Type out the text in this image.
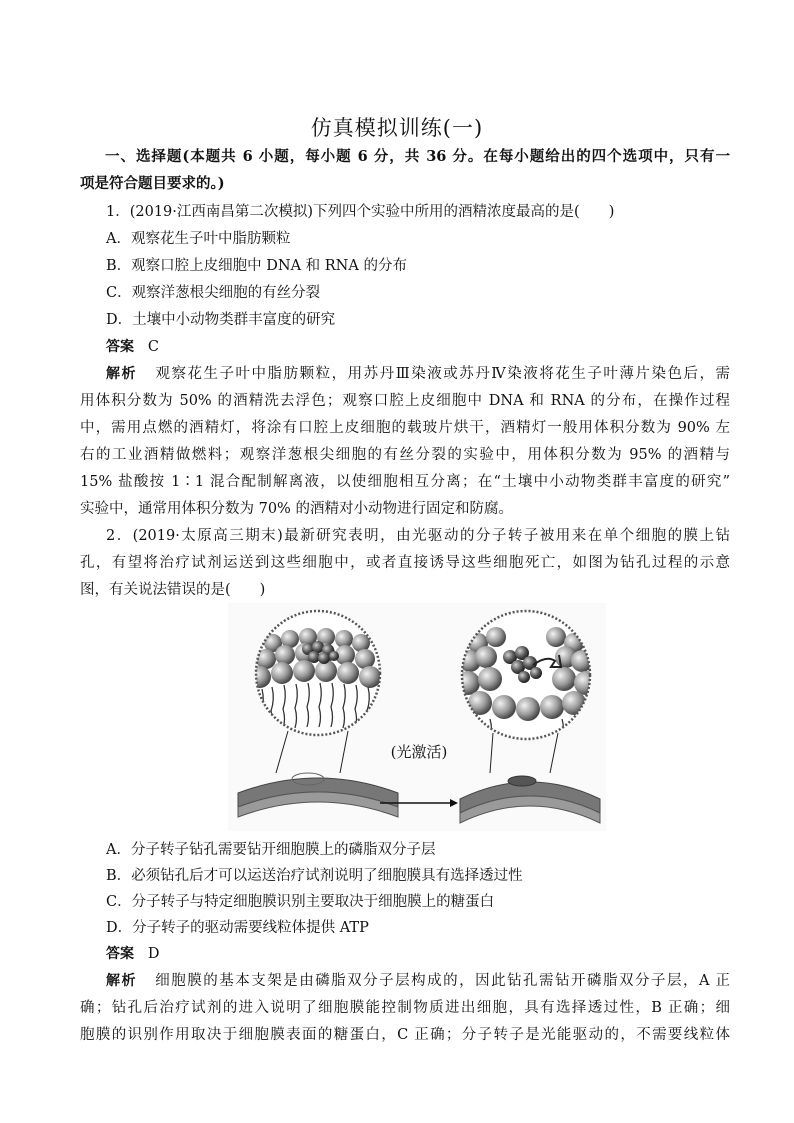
仿真模拟训练(一)
一、选择题(本题共 6 小题，每小题 6 分，共 36 分。在每小题给出的四个选项中，只有一
项是符合题目要求的。)
1．(2019·江西南昌第二次模拟)下列四个实验中所用的酒精浓度最高的是(　　)
A．观察花生子叶中脂肪颗粒
B．观察口腔上皮细胞中 DNA 和 RNA 的分布
C．观察洋葱根尖细胞的有丝分裂
D．土壤中小动物类群丰富度的研究
答案 C
解析 观察花生子叶中脂肪颗粒，用苏丹Ⅲ染液或苏丹Ⅳ染液将花生子叶薄片染色后，需
用体积分数为 50% 的酒精洗去浮色；观察口腔上皮细胞中 DNA 和 RNA 的分布，在操作过程
中，需用点燃的酒精灯，将涂有口腔上皮细胞的载玻片烘干，酒精灯一般用体积分数为 90% 左
右的工业酒精做燃料；观察洋葱根尖细胞的有丝分裂的实验中，用体积分数为 95% 的酒精与
15% 盐酸按 1∶1 混合配制解离液，以使细胞相互分离；在“土壤中小动物类群丰富度的研究”
实验中，通常用体积分数为 70% 的酒精对小动物进行固定和防腐。
2．(2019·太原高三期末)最新研究表明，由光驱动的分子转子被用来在单个细胞的膜上钻
孔，有望将治疗试剂运送到这些细胞中，或者直接诱导这些细胞死亡，如图为钻孔过程的示意
图，有关说法错误的是(　　)
(光激活)
A．分子转子钻孔需要钻开细胞膜上的磷脂双分子层
B．必须钻孔后才可以运送治疗试剂说明了细胞膜具有选择透过性
C．分子转子与特定细胞膜识别主要取决于细胞膜上的糖蛋白
D．分子转子的驱动需要线粒体提供 ATP
答案 D
解析 细胞膜的基本支架是由磷脂双分子层构成的，因此钻孔需钻开磷脂双分子层，A 正
确；钻孔后治疗试剂的进入说明了细胞膜能控制物质进出细胞，具有选择透过性，B 正确；细
胞膜的识别作用取决于细胞膜表面的糖蛋白，C 正确；分子转子是光能驱动的，不需要线粒体
